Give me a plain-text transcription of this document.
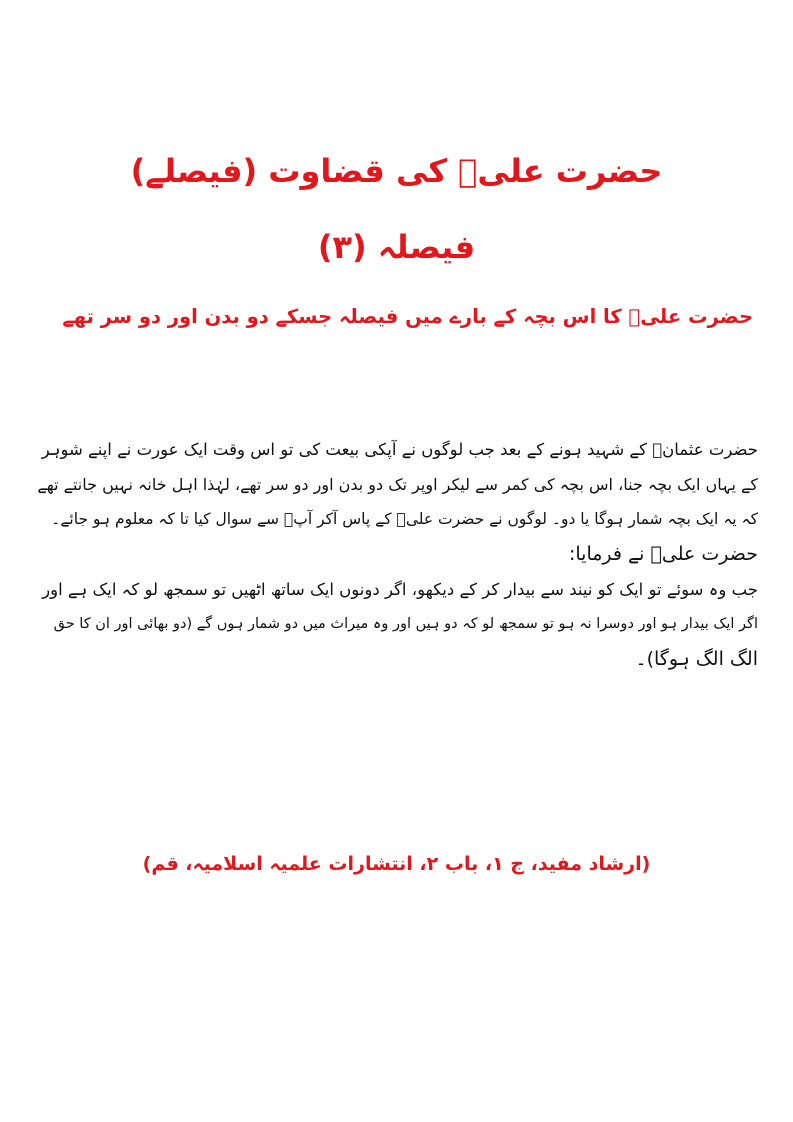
حضرت علیؑ کی قضاوت (فیصلے)
فیصلہ (۳)
حضرت علیؑ کا اس بچہ کے بارے میں فیصلہ جسکے دو بدن اور دو سر تھے
حضرت عثمانؓ کے شہید ہونے کے بعد جب لوگوں نے آپکی بیعت کی تو اس وقت ایک عورت نے اپنے شوہر
کے یہاں ایک بچہ جنا، اس بچہ کی کمر سے لیکر اوپر تک دو بدن اور دو سر تھے، لہٰذا اہل خانہ نہیں جانتے تھے
کہ یہ ایک بچہ شمار ہوگا یا دو۔ لوگوں نے حضرت علیؑ کے پاس آکر آپؑ سے سوال کیا تا کہ معلوم ہو جائے۔
حضرت علیؑ نے فرمایا:
جب وہ سوئے تو ایک کو نیند سے بیدار کر کے دیکھو، اگر دونوں ایک ساتھ اٹھیں تو سمجھ لو کہ ایک ہے اور
اگر ایک بیدار ہو اور دوسرا نہ ہو تو سمجھ لو کہ دو ہیں اور وہ میراث میں دو شمار ہوں گے (دو بھائی اور ان کا حق
الگ الگ ہوگا)۔
(ارشاد مفید، ج ۱، باب ۲، انتشارات علمیہ اسلامیہ، قم)
